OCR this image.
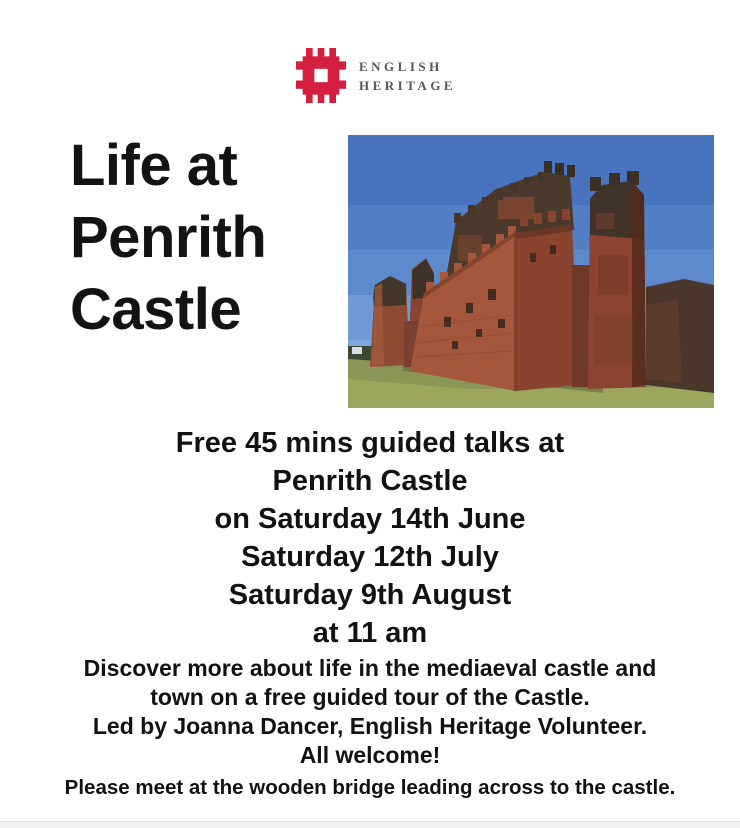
ENGLISH
HERITAGE
Life at
Penrith
Castle
Free 45 mins guided talks at
Penrith Castle
on Saturday 14th June
Saturday 12th July
Saturday 9th August
at 11 am
Discover more about life in the mediaeval castle and
town on a free guided tour of the Castle.
Led by Joanna Dancer, English Heritage Volunteer.
All welcome!
Please meet at the wooden bridge leading across to the castle.
